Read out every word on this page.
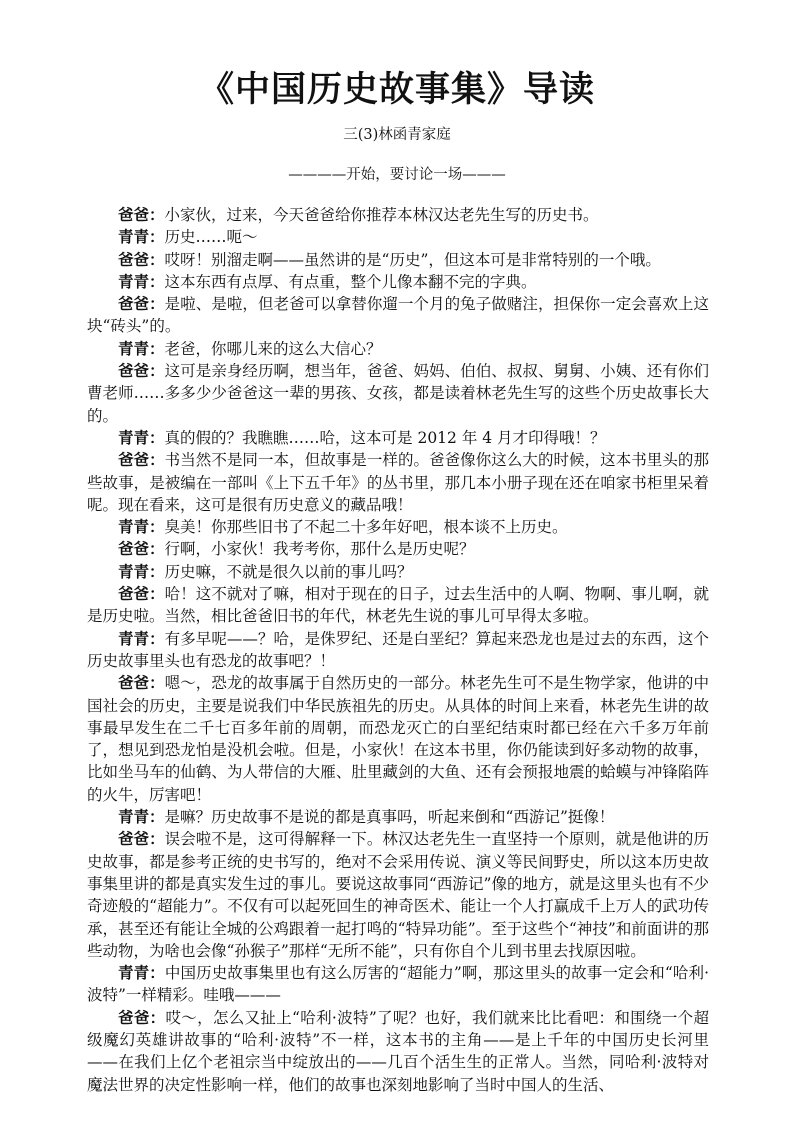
《中国历史故事集》导读

三(3)林函青家庭

————开始，要讨论一场———

爸爸：小家伙，过来，今天爸爸给你推荐本林汉达老先生写的历史书。

青青：历史……呃～

爸爸：哎呀！别溜走啊——虽然讲的是“历史”，但这本可是非常特别的一个哦。

青青：这本东西有点厚、有点重，整个儿像本翻不完的字典。

爸爸：是啦、是啦，但老爸可以拿替你遛一个月的兔子做赌注，担保你一定会喜欢上这块“砖头”的。

青青：老爸，你哪儿来的这么大信心？

爸爸：这可是亲身经历啊，想当年，爸爸、妈妈、伯伯、叔叔、舅舅、小姨、还有你们曹老师……多多少少爸爸这一辈的男孩、女孩，都是读着林老先生写的这些个历史故事长大的。

青青：真的假的？我瞧瞧……哈，这本可是 2012 年 4 月才印得哦！？

爸爸：书当然不是同一本，但故事是一样的。爸爸像你这么大的时候，这本书里头的那些故事，是被编在一部叫《上下五千年》的丛书里，那几本小册子现在还在咱家书柜里呆着呢。现在看来，这可是很有历史意义的藏品哦！

青青：臭美！你那些旧书了不起二十多年好吧，根本谈不上历史。

爸爸：行啊，小家伙！我考考你，那什么是历史呢？

青青：历史嘛，不就是很久以前的事儿吗？

爸爸：哈！这不就对了嘛，相对于现在的日子，过去生活中的人啊、物啊、事儿啊，就是历史啦。当然，相比爸爸旧书的年代，林老先生说的事儿可早得太多啦。

青青：有多早呢——？哈，是侏罗纪、还是白垩纪？算起来恐龙也是过去的东西，这个历史故事里头也有恐龙的故事吧？！

爸爸：嗯～，恐龙的故事属于自然历史的一部分。林老先生可不是生物学家，他讲的中国社会的历史，主要是说我们中华民族祖先的历史。从具体的时间上来看，林老先生讲的故事最早发生在二千七百多年前的周朝，而恐龙灭亡的白垩纪结束时都已经在六千多万年前了，想见到恐龙怕是没机会啦。但是，小家伙！在这本书里，你仍能读到好多动物的故事，比如坐马车的仙鹤、为人带信的大雁、肚里藏剑的大鱼、还有会预报地震的蛤蟆与冲锋陷阵的火牛，厉害吧！

青青：是嘛？历史故事不是说的都是真事吗，听起来倒和“西游记”挺像！

爸爸：误会啦不是，这可得解释一下。林汉达老先生一直坚持一个原则，就是他讲的历史故事，都是参考正统的史书写的，绝对不会采用传说、演义等民间野史，所以这本历史故事集里讲的都是真实发生过的事儿。要说这故事同“西游记”像的地方，就是这里头也有不少奇迹般的“超能力”。不仅有可以起死回生的神奇医术、能让一个人打赢成千上万人的武功传承，甚至还有能让全城的公鸡跟着一起打鸣的“特异功能”。至于这些个“神技”和前面讲的那些动物，为啥也会像“孙猴子”那样“无所不能”，只有你自个儿到书里去找原因啦。

青青：中国历史故事集里也有这么厉害的“超能力”啊，那这里头的故事一定会和“哈利·波特”一样精彩。哇哦———

爸爸：哎～，怎么又扯上“哈利·波特”了呢？也好，我们就来比比看吧：和围绕一个超级魔幻英雄讲故事的“哈利·波特”不一样，这本书的主角——是上千年的中国历史长河里——在我们上亿个老祖宗当中绽放出的——几百个活生生的正常人。当然，同哈利·波特对魔法世界的决定性影响一样，他们的故事也深刻地影响了当时中国人的生活、
